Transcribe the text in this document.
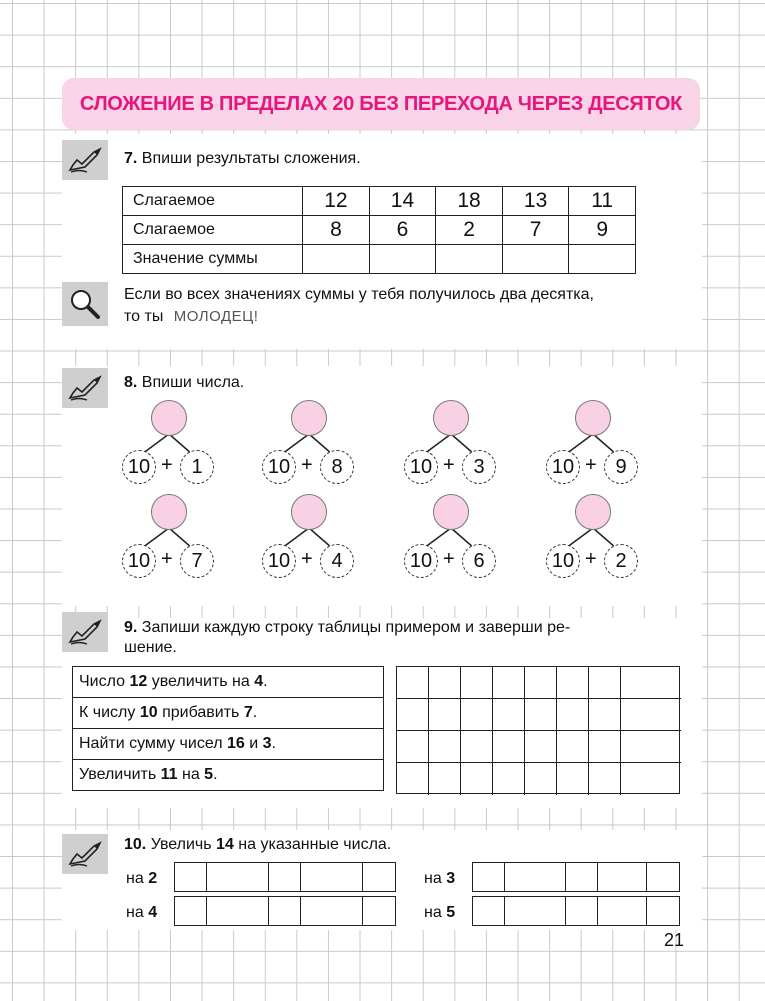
СЛОЖЕНИЕ В ПРЕДЕЛАХ 20 БЕЗ ПЕРЕХОДА ЧЕРЕЗ ДЕСЯТОК
7. Впиши результаты сложения.
Слагаемое	12	14	18	13	11
Слагаемое	8	6	2	7	9
Значение суммы					
Если во всех значениях суммы у тебя получилось два десятка,
то ты МОЛОДЕЦ!
8. Впиши числа.
10 + 1	10 + 8	10 + 3	10 + 9
10 + 7	10 + 4	10 + 6	10 + 2
9. Запиши каждую строку таблицы примером и заверши ре-
шение.
Число 12 увеличить на 4.
К числу 10 прибавить 7.
Найти сумму чисел 16 и 3.
Увеличить 11 на 5.
10. Увеличь 14 на указанные числа.
на 2	на 3
на 4	на 5
21
